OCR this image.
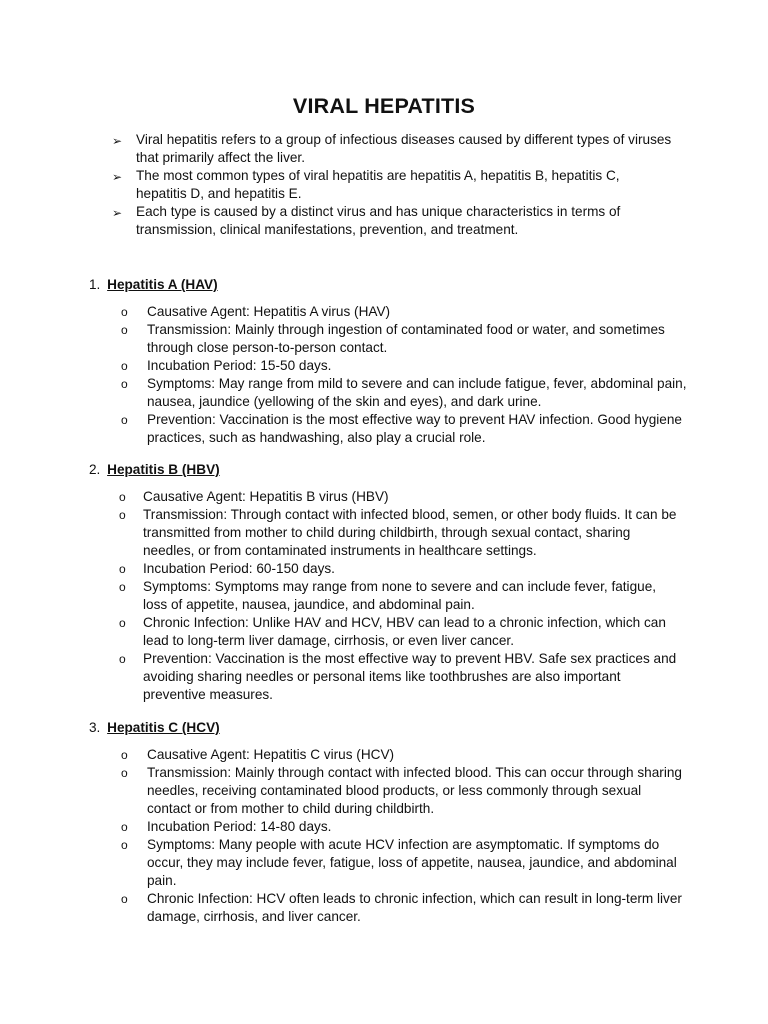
VIRAL HEPATITIS
➢ Viral hepatitis refers to a group of infectious diseases caused by different types of viruses that primarily affect the liver.
➢ The most common types of viral hepatitis are hepatitis A, hepatitis B, hepatitis C, hepatitis D, and hepatitis E.
➢ Each type is caused by a distinct virus and has unique characteristics in terms of transmission, clinical manifestations, prevention, and treatment.
1. Hepatitis A (HAV)
o Causative Agent: Hepatitis A virus (HAV)
o Transmission: Mainly through ingestion of contaminated food or water, and sometimes through close person-to-person contact.
o Incubation Period: 15-50 days.
o Symptoms: May range from mild to severe and can include fatigue, fever, abdominal pain, nausea, jaundice (yellowing of the skin and eyes), and dark urine.
o Prevention: Vaccination is the most effective way to prevent HAV infection. Good hygiene practices, such as handwashing, also play a crucial role.
2. Hepatitis B (HBV)
o Causative Agent: Hepatitis B virus (HBV)
o Transmission: Through contact with infected blood, semen, or other body fluids. It can be transmitted from mother to child during childbirth, through sexual contact, sharing needles, or from contaminated instruments in healthcare settings.
o Incubation Period: 60-150 days.
o Symptoms: Symptoms may range from none to severe and can include fever, fatigue, loss of appetite, nausea, jaundice, and abdominal pain.
o Chronic Infection: Unlike HAV and HCV, HBV can lead to a chronic infection, which can lead to long-term liver damage, cirrhosis, or even liver cancer.
o Prevention: Vaccination is the most effective way to prevent HBV. Safe sex practices and avoiding sharing needles or personal items like toothbrushes are also important preventive measures.
3. Hepatitis C (HCV)
o Causative Agent: Hepatitis C virus (HCV)
o Transmission: Mainly through contact with infected blood. This can occur through sharing needles, receiving contaminated blood products, or less commonly through sexual contact or from mother to child during childbirth.
o Incubation Period: 14-80 days.
o Symptoms: Many people with acute HCV infection are asymptomatic. If symptoms do occur, they may include fever, fatigue, loss of appetite, nausea, jaundice, and abdominal pain.
o Chronic Infection: HCV often leads to chronic infection, which can result in long-term liver damage, cirrhosis, and liver cancer.
